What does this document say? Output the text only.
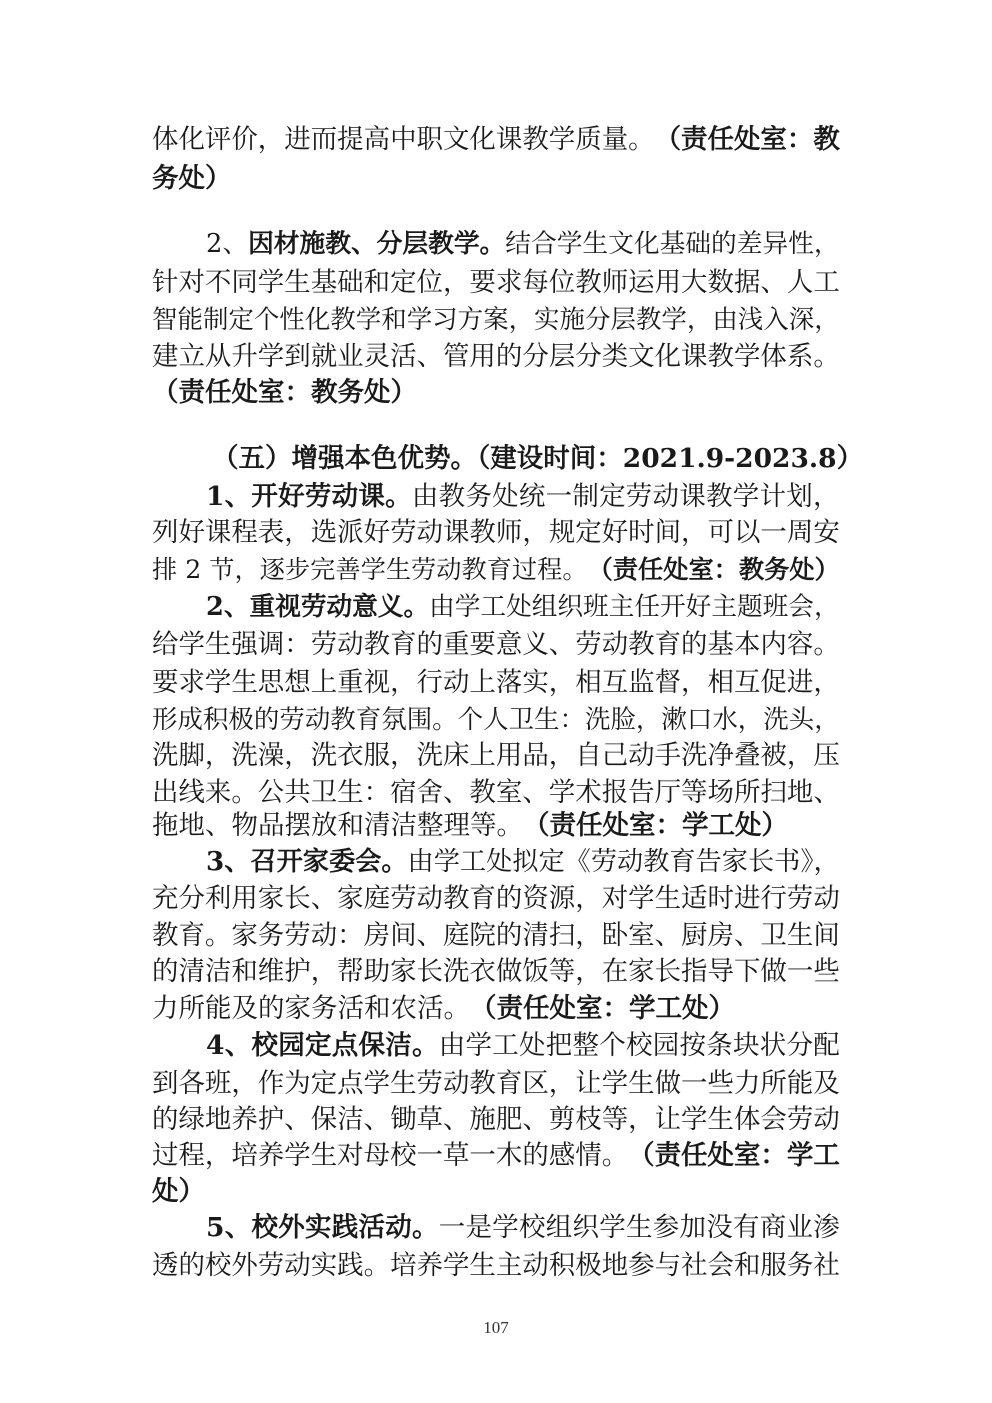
体化评价，进而提高中职文化课教学质量。（责任处室：教
务处）
2、因材施教、分层教学。结合学生文化基础的差异性，
针对不同学生基础和定位，要求每位教师运用大数据、人工
智能制定个性化教学和学习方案，实施分层教学，由浅入深，
建立从升学到就业灵活、管用的分层分类文化课教学体系。
（责任处室：教务处）
（五）增强本色优势。（建设时间：2021.9-2023.8）
1、开好劳动课。由教务处统一制定劳动课教学计划，
列好课程表，选派好劳动课教师，规定好时间，可以一周安
排 2 节，逐步完善学生劳动教育过程。（责任处室：教务处）
2、重视劳动意义。由学工处组织班主任开好主题班会，
给学生强调：劳动教育的重要意义、劳动教育的基本内容。
要求学生思想上重视，行动上落实，相互监督，相互促进，
形成积极的劳动教育氛围。个人卫生：洗脸，漱口水，洗头，
洗脚，洗澡，洗衣服，洗床上用品，自己动手洗净叠被，压
出线来。公共卫生：宿舍、教室、学术报告厅等场所扫地、
拖地、物品摆放和清洁整理等。（责任处室：学工处）
3、召开家委会。由学工处拟定《劳动教育告家长书》，
充分利用家长、家庭劳动教育的资源，对学生适时进行劳动
教育。家务劳动：房间、庭院的清扫，卧室、厨房、卫生间
的清洁和维护，帮助家长洗衣做饭等，在家长指导下做一些
力所能及的家务活和农活。（责任处室：学工处）
4、校园定点保洁。由学工处把整个校园按条块状分配
到各班，作为定点学生劳动教育区，让学生做一些力所能及
的绿地养护、保洁、锄草、施肥、剪枝等，让学生体会劳动
过程，培养学生对母校一草一木的感情。（责任处室：学工
处）
5、校外实践活动。一是学校组织学生参加没有商业渗
透的校外劳动实践。培养学生主动积极地参与社会和服务社
107
